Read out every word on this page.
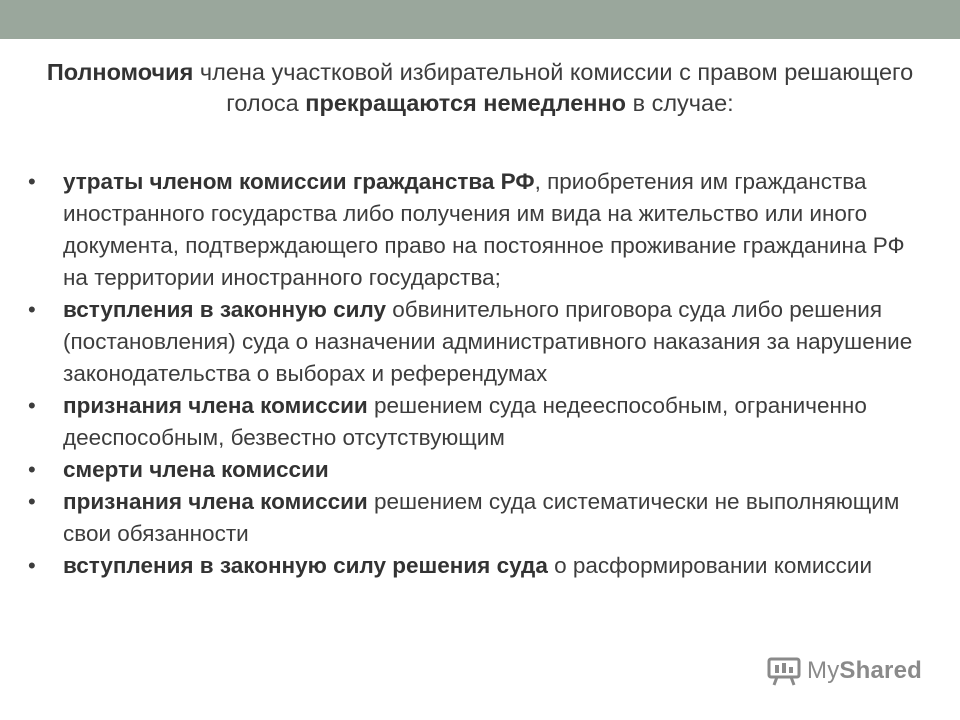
Полномочия члена участковой избирательной комиссии с правом решающего голоса прекращаются немедленно в случае:
• утраты членом комиссии гражданства РФ, приобретения им гражданства иностранного государства либо получения им вида на жительство или иного документа, подтверждающего право на постоянное проживание гражданина РФ на территории иностранного государства;
• вступления в законную силу обвинительного приговора суда либо решения (постановления) суда о назначении административного наказания за нарушение законодательства о выборах и референдумах
• признания члена комиссии решением суда недееспособным, ограниченно дееспособным, безвестно отсутствующим
• смерти члена комиссии
• признания члена комиссии решением суда систематически не выполняющим свои обязанности
• вступления в законную силу решения суда о расформировании комиссии
MyShared
